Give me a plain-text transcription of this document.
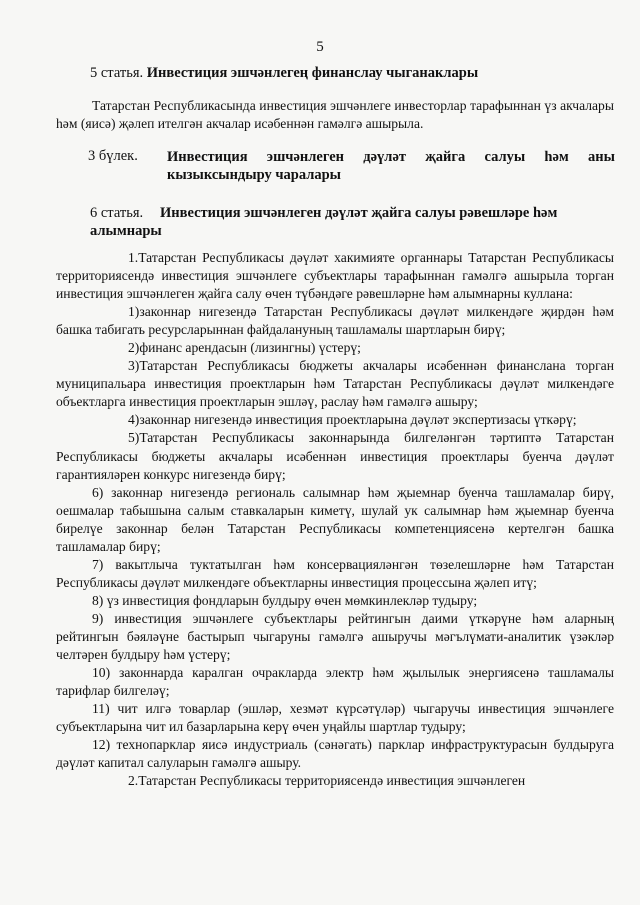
5
5 статья. Инвестиция эшчәнлегең финанслау чыганаклары

Татарстан Республикасында инвестиция эшчәнлеге инвесторлар тарафыннан үз акчалары һәм (яисә) җәлеп ителгән акчалар исәбеннән гамәлгә ашырыла.

3 бүлек. Инвестиция эшчәнлеген дәүләт җайга салуы һәм аны кызыксындыру чаралары
6 статья. Инвестиция эшчәнлеген дәүләт җайга салуы рәвешләре һәм алымнары

1.Татарстан Республикасы дәүләт хакимияте органнары Татарстан Республикасы территориясендә инвестиция эшчәнлеге субъектлары тарафыннан гамәлгә ашырыла торган инвестиция эшчәнлеген җайга салу өчен түбәндәге рәвешләрне һәм алымнарны куллана:

1)законнар нигезендә Татарстан Республикасы дәүләт милкендәге җирдән һәм башка табигать ресурсларыннан файдалануның ташламалы шартларын бирү;

2)финанс арендасын (лизингны) үстерү;

3)Татарстан Республикасы бюджеты акчалары исәбеннән финанслана торган муниципальара инвестиция проектларын һәм Татарстан Республикасы дәүләт милкендәге объектларга инвестиция проектларын эшләү, раслау һәм гамәлгә ашыру;

4)законнар нигезендә инвестиция проектларына дәүләт экспертизасы үткәрү;

5)Татарстан Республикасы законнарында билгеләнгән тәртиптә Татарстан Республикасы бюджеты акчалары исәбеннән инвестиция проектлары буенча дәүләт гарантияләрен конкурс нигезендә бирү;

6) законнар нигезендә региональ салымнар һәм җыемнар буенча ташламалар бирү, оешмалар табышына салым ставкаларын киметү, шулай ук салымнар һәм җыемнар буенча бирелүе законнар белән Татарстан Республикасы компетенциясенә кертелгән башка ташламалар бирү;

7) вакытлыча туктатылган һәм консервацияләнгән төзелешләрне һәм Татарстан Республикасы дәүләт милкендәге объектларны инвестиция процессына җәлеп итү;

8) үз инвестиция фондларын булдыру өчен мөмкинлекләр тудыру;

9) инвестиция эшчәнлеге субъектлары рейтингын даими үткәрүне һәм аларның рейтингын бәяләүне бастырып чыгаруны гамәлгә ашыручы мәгълүмати-аналитик үзәкләр челтәрен булдыру һәм үстерү;

10) законнарда каралган очракларда электр һәм җылылык энергиясенә ташламалы тарифлар билгеләү;

11) чит илгә товарлар (эшләр, хезмәт күрсәтүләр) чыгаручы инвестиция эшчәнлеге субъектларына чит ил базарларына керү өчен уңайлы шартлар тудыру;

12) технопарклар яисә индустриаль (сәнәгать) парклар инфраструктурасын булдыруга дәүләт капитал салуларын гамәлгә ашыру.

2.Татарстан Республикасы территориясендә инвестиция эшчәнлеген
